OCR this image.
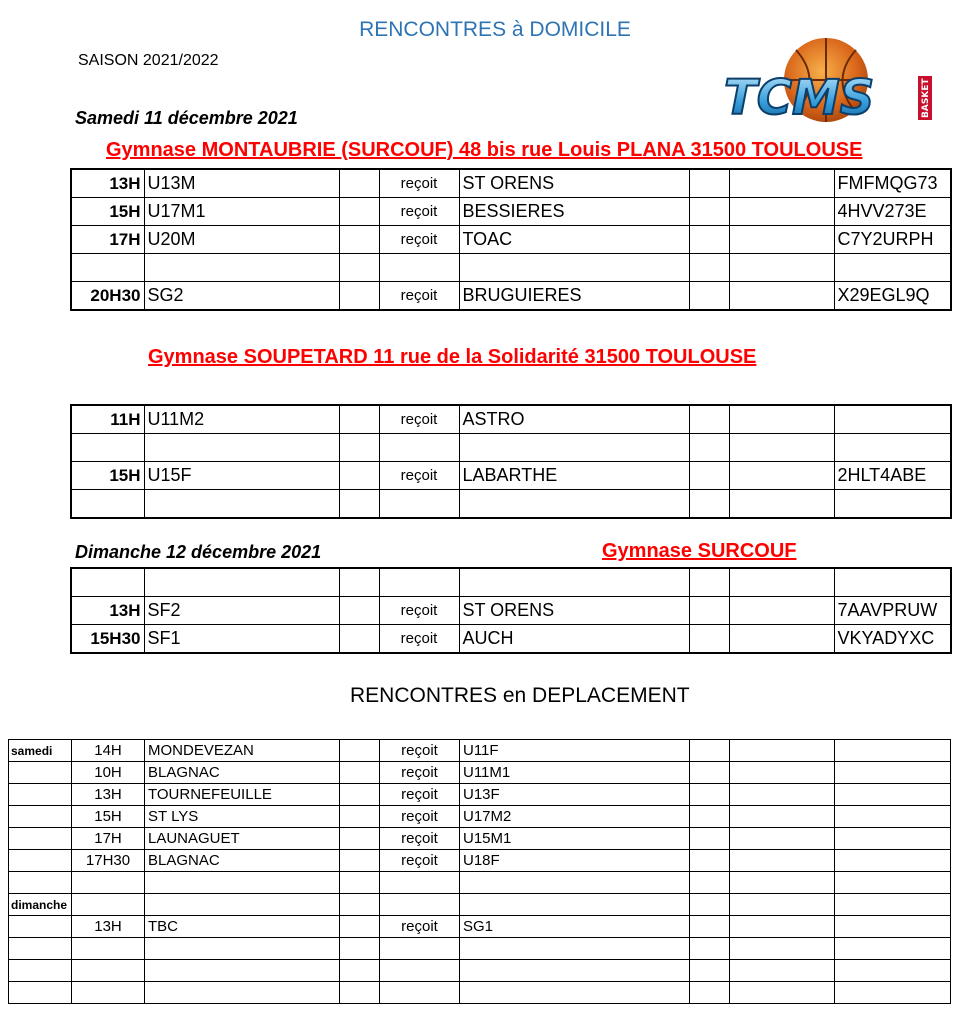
RENCONTRES à DOMICILE
SAISON 2021/2022
TCMS	BASKET
Samedi 11 décembre 2021
Gymnase MONTAUBRIE (SURCOUF) 48 bis rue Louis PLANA 31500 TOULOUSE
13H	U13M		reçoit	ST ORENS			FMFMQG73
15H	U17M1		reçoit	BESSIERES			4HVV273E
17H	U20M		reçoit	TOAC			C7Y2URPH

20H30	SG2		reçoit	BRUGUIERES			X29EGL9Q
Gymnase SOUPETARD 11 rue de la Solidarité 31500 TOULOUSE
11H	U11M2		reçoit	ASTRO			

15H	U15F		reçoit	LABARTHE			2HLT4ABE

Dimanche 12 décembre 2021	Gymnase SURCOUF

13H	SF2		reçoit	ST ORENS			7AAVPRUW
15H30	SF1		reçoit	AUCH			VKYADYXC
RENCONTRES en DEPLACEMENT
samedi	14H	MONDEVEZAN		reçoit	U11F			
	10H	BLAGNAC		reçoit	U11M1			
	13H	TOURNEFEUILLE		reçoit	U13F			
	15H	ST LYS		reçoit	U17M2			
	17H	LAUNAGUET		reçoit	U15M1			
	17H30	BLAGNAC		reçoit	U18F			

dimanche								
	13H	TBC		reçoit	SG1			
